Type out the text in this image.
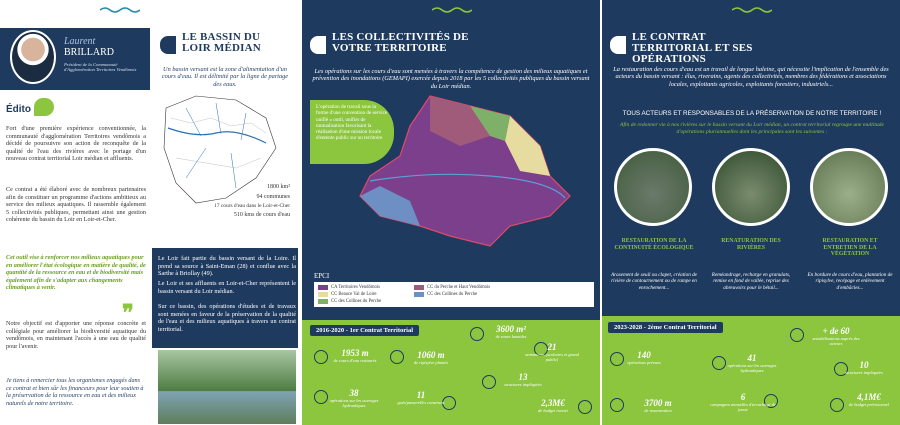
Laurent
BRILLARD
Président de la Communauté d'Agglomération Territoires Vendômois
Édito

Fort d'une première expérience conventionnée, la communauté d'agglomération Territoires vendômois a décidé de poursuivre son action de reconquête de la qualité de l'eau des rivières avec le portage d'un nouveau contrat territorial Loir médian et affluents.

Ce contrat a été élaboré avec de nombreux partenaires afin de constituer un programme d'actions ambitieux au service des milieux aquatiques. Il rassemble également 5 collectivités publiques, permettant ainsi une gestion cohérente du bassin du Loir en Loir-et-Cher.

Cet outil vise à renforcer nos milieux aquatiques pour en améliorer l'état écologique en matière de qualité, de quantité de la ressource en eau et de biodiversité mais également afin de s'adapter aux changements climatiques à venir.

❞

Notre objectif est d'apporter une réponse concrète et collégiale pour améliorer la biodiversité aquatique du vendômois, en maintenant l'accès à une eau de qualité pour l'avenir.

Je tiens à remercier tous les organismes engagés dans ce contrat et bien sûr les financeurs pour leur soutien à la préservation de la ressource en eau et des milieux naturels de notre territoire.

LE BASSIN DU LOIR MÉDIAN

Un bassin versant est la zone d'alimentation d'un cours d'eau. Il est délimité par la ligne de partage des eaux.

1800 km²
94 communes
17 cours d'eau dans le Loir-et-Cher
510 kms de cours d'eau

Le Loir fait partie du bassin versant de la Loire. Il prend sa source à Saint-Eman (28) et conflue avec la Sarthe à Briollay (49).

Le Loir et ses affluents en Loir-et-Cher représentent le bassin versant du Loir médian.

Sur ce bassin, des opérations d'études et de travaux sont menées en faveur de la préservation de la qualité de l'eau et des milieux aquatiques à travers un contrat territorial.

LES COLLECTIVITÉS DE VOTRE TERRITOIRE

Les opérations sur les cours d'eau sont menées à travers la compétence de gestion des milieux aquatiques et prévention des inondations (GEMAPI) exercée depuis 2018 par les 5 collectivités publiques du bassin versant du Loir médian.

L'opération de travail sous la forme d'une convention de service unifié « outil, unifier de mutualisation favorisant la réalisation d'une mission locale d'entente public sur un territoire
EPCI
CA Territoires Vendômois	CC du Perche et Haut Vendômois
CC Beauce Val de Loire	CC des Collines du Perche
CC des Collines du Perche
2016-2020 - 1er Contrat Territorial
1953 m
de cours d'eau restaurés
1060 m
de ripisylve plantés
3600 m²
de zones humides
21
animations (scolaires et grand public)
38
opérations sur les ouvrages hydrauliques
11
gués/passerelles construits
13
structures impliquées
2,3M€
de budget investi
LE CONTRAT TERRITORIAL ET SES OPÉRATIONS

La restauration des cours d'eau est un travail de longue haleine, qui nécessite l'implication de l'ensemble des acteurs du bassin versant : élus, riverains, agents des collectivités, membres des fédérations et associations locales, exploitants agricoles, exploitants forestiers, industriels...

TOUS ACTEURS ET RESPONSABLES DE LA PRÉSERVATION DE NOTRE TERRITOIRE !

Afin de redonner vie à nos rivières sur le bassin versant du Loir médian, un contrat territorial regroupe une multitude d'opérations pluriannuelles dont les principales sont les suivantes :

RESTAURATION DE LA CONTINUITÉ ÉCOLOGIQUE
RENATURATION DES RIVIÈRES
RESTAURATION ET ENTRETIEN DE LA VÉGÉTATION
Arasement de seuil ou clapet, création de rivière de contournement ou de rampe en enrochement...
Reméandrage, recharge en granulats, remise en fond de vallée, reprise des abreuvoirs pour le bétail...
En bordure de cours d'eau, plantation de ripisylve, recépage et enlèvement d'embâcles...
2023-2028 - 2ème Contrat Territorial	+ de 60
sensibilisations auprès des acteurs
140
opérations prévues	41
opérations sur les ouvrages hydrauliques
10
structures impliquées
3700 m
de renaturation
6
campagnes annuelles d'arrachage de jussie
4,1M€
de budget prévisionnel
